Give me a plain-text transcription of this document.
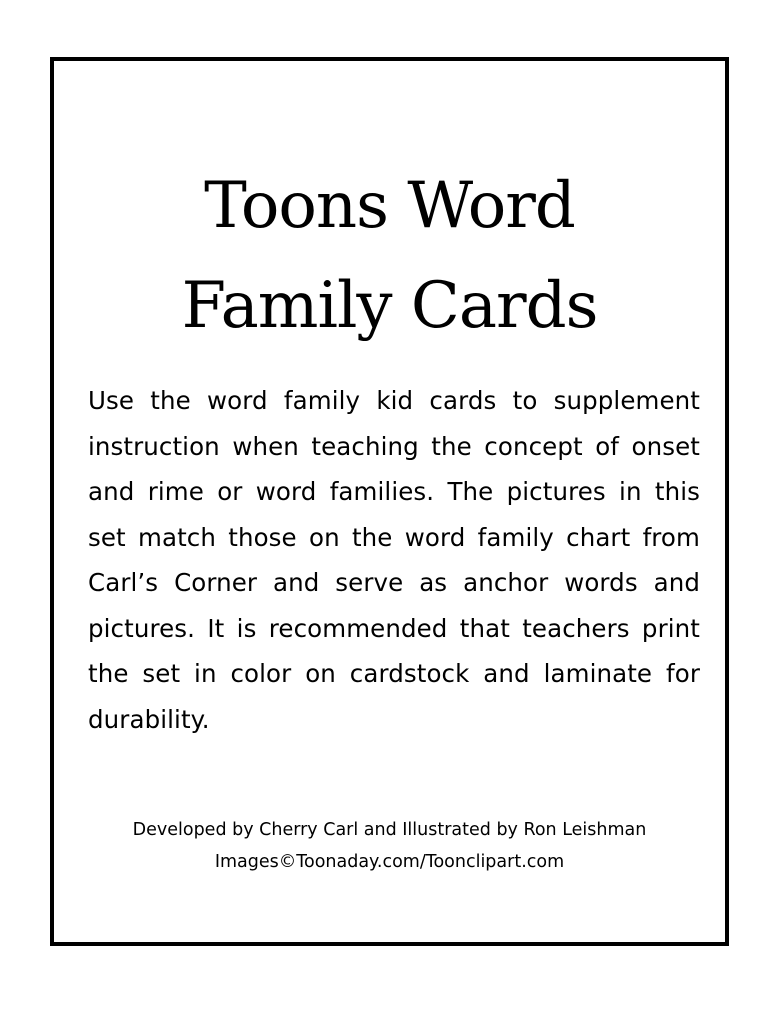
Toons Word
Family Cards
Use the word family kid cards to supplement instruction when teaching the concept of onset and rime or word families. The pictures in this set match those on the word family chart from Carl’s Corner and serve as anchor words and pictures. It is recommended that teachers print the set in color on cardstock and laminate for durability.
Developed by Cherry Carl and Illustrated by Ron Leishman
Images©Toonaday.com/Toonclipart.com
